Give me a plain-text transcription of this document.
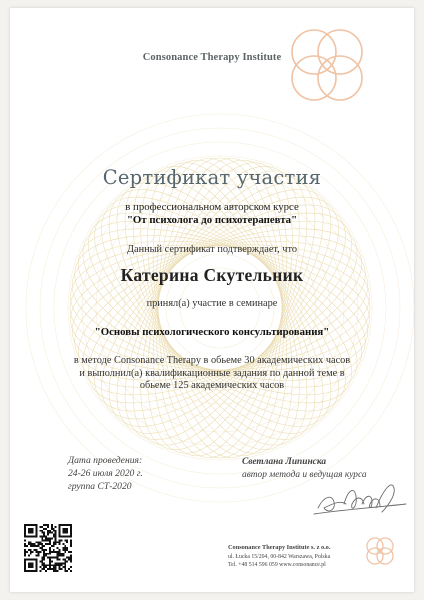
Consonance Therapy Institute
Сертификат участия
в профессиональном авторском курсе
"От психолога до психотерапевта"
Данный сертификат подтверждает, что
Катерина Скутельник
принял(а) участие в семинаре
"Основы психологического консультирования"
в методе Consonance Therapy в обьеме 30 академических часов
и выполнил(а) квалификационные задания по данной теме в
обьеме 125 академических часов
Дата проведения:
24-26 июля 2020 г.
группа СТ-2020
Светлана Липинска
автор метода и ведущая курса
Consonance Therapy Institute s. z o.o.
ul. Łucka 15/204, 00-842 Warszawa, Polska
Tel. +48 514 596 059 www.consonance.pl
